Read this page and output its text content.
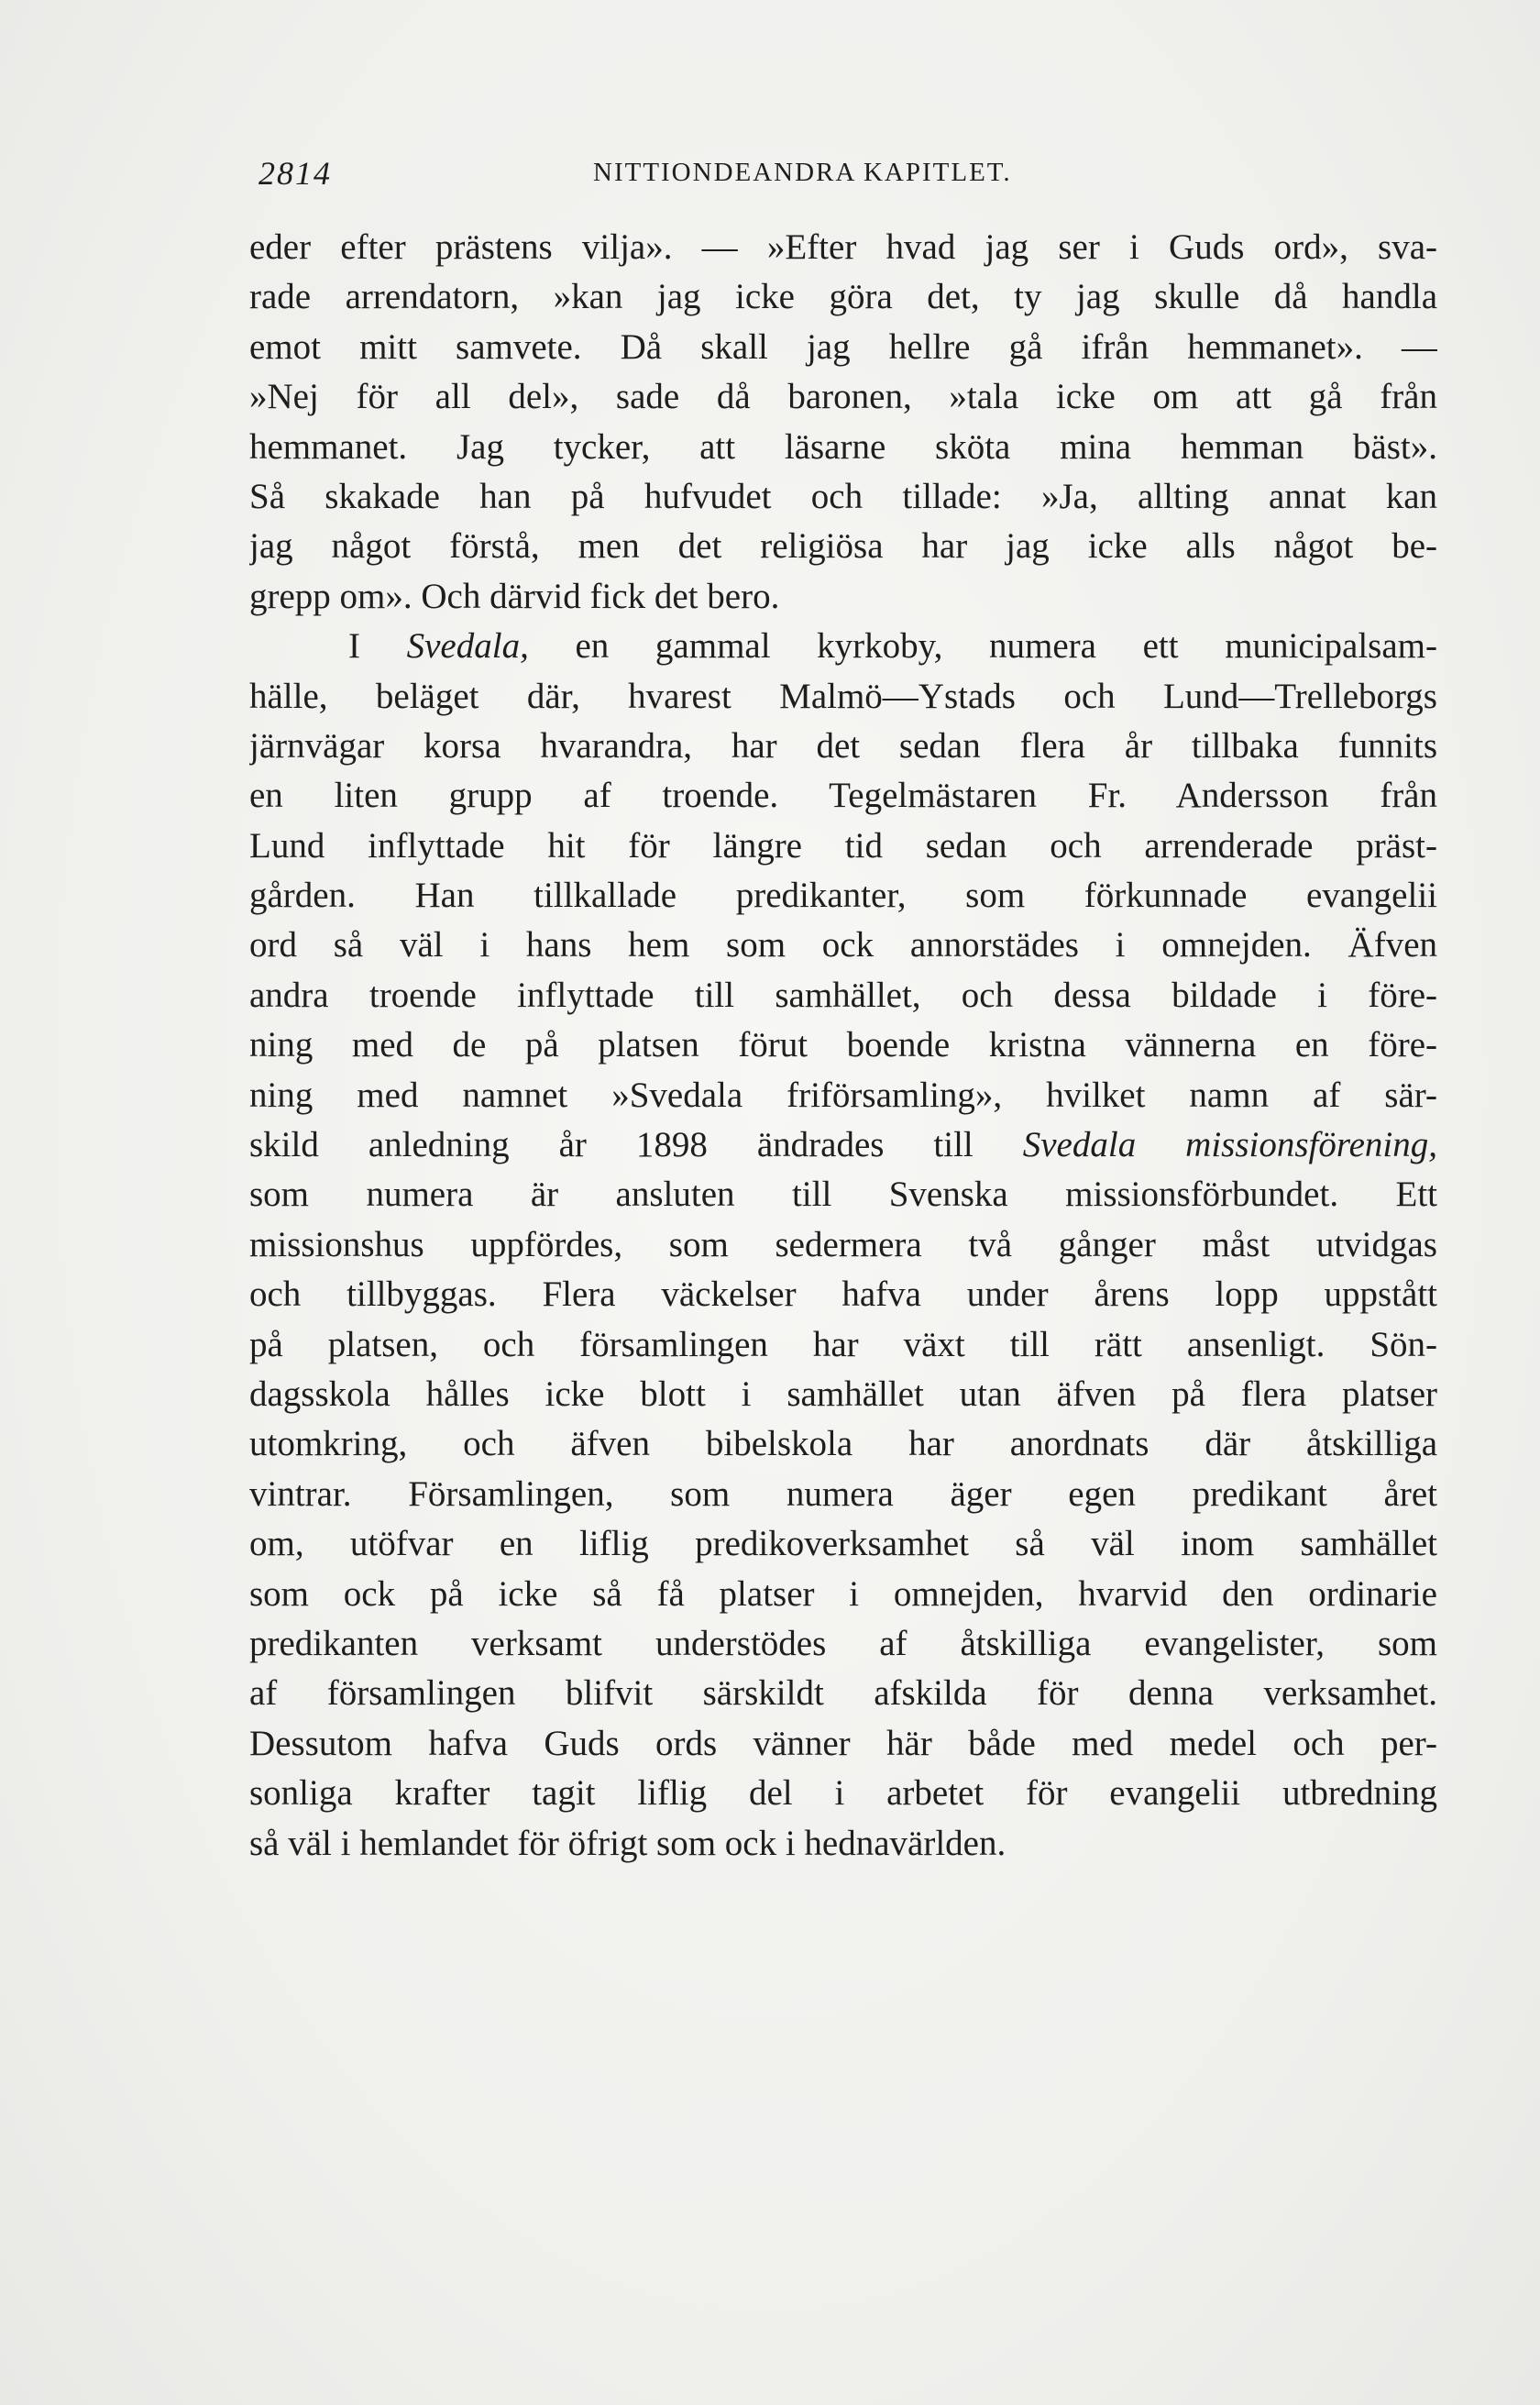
2814	NITTIONDEANDRA KAPITLET.
eder efter prästens vilja». — »Efter hvad jag ser i Guds ord», sva-
rade arrendatorn, »kan jag icke göra det, ty jag skulle då handla
emot mitt samvete. Då skall jag hellre gå ifrån hemmanet». —
»Nej för all del», sade då baronen, »tala icke om att gå från
hemmanet. Jag tycker, att läsarne sköta mina hemman bäst».
Så skakade han på hufvudet och tillade: »Ja, allting annat kan
jag något förstå, men det religiösa har jag icke alls något be-
grepp om». Och därvid fick det bero.
I Svedala, en gammal kyrkoby, numera ett municipalsam-
hälle, beläget där, hvarest Malmö—Ystads och Lund—Trelleborgs
järnvägar korsa hvarandra, har det sedan flera år tillbaka funnits
en liten grupp af troende. Tegelmästaren Fr. Andersson från
Lund inflyttade hit för längre tid sedan och arrenderade präst-
gården. Han tillkallade predikanter, som förkunnade evangelii
ord så väl i hans hem som ock annorstädes i omnejden. Äfven
andra troende inflyttade till samhället, och dessa bildade i före-
ning med de på platsen förut boende kristna vännerna en före-
ning med namnet »Svedala friförsamling», hvilket namn af sär-
skild anledning år 1898 ändrades till Svedala missionsförening,
som numera är ansluten till Svenska missionsförbundet. Ett
missionshus uppfördes, som sedermera två gånger måst utvidgas
och tillbyggas. Flera väckelser hafva under årens lopp uppstått
på platsen, och församlingen har växt till rätt ansenligt. Sön-
dagsskola hålles icke blott i samhället utan äfven på flera platser
utomkring, och äfven bibelskola har anordnats där åtskilliga
vintrar. Församlingen, som numera äger egen predikant året
om, utöfvar en liflig predikoverksamhet så väl inom samhället
som ock på icke så få platser i omnejden, hvarvid den ordinarie
predikanten verksamt understödes af åtskilliga evangelister, som
af församlingen blifvit särskildt afskilda för denna verksamhet.
Dessutom hafva Guds ords vänner här både med medel och per-
sonliga krafter tagit liflig del i arbetet för evangelii utbredning
så väl i hemlandet för öfrigt som ock i hednavärlden.
